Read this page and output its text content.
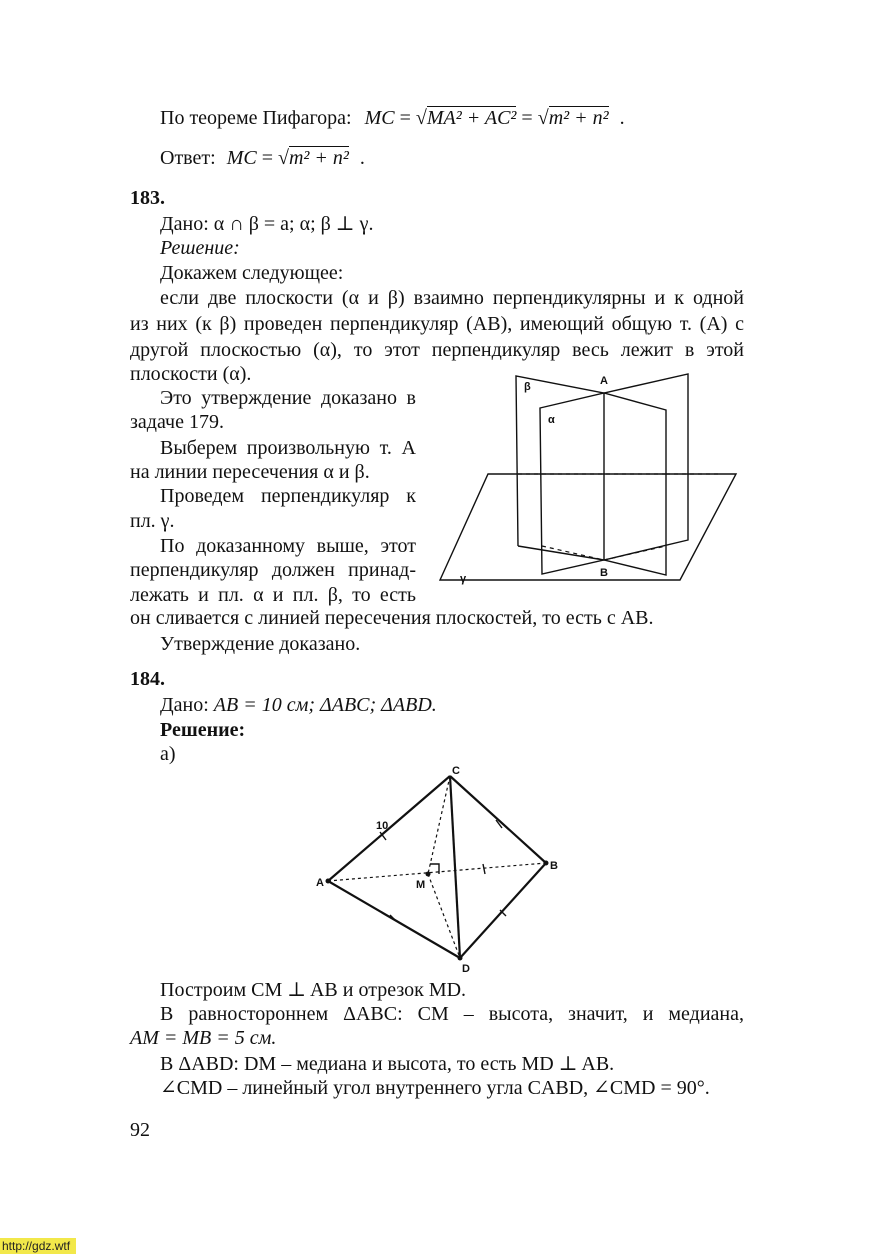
По теореме Пифагора: MC = √MA² + AC² = √m² + n² .
Ответ: MC = √m² + n² .
183.
Дано: α ∩ β = a; α; β ⊥ γ.
Решение:
Докажем следующее:
если две плоскости (α и β) взаимно перпендикулярны и к одной
из них (к β) проведен перпендикуляр (AB), имеющий общую т. (A) с
другой плоскостью (α), то этот перпендикуляр весь лежит в этой
плоскости (α).
Это утверждение доказано в
задаче 179.
Выберем произвольную т. A
на линии пересечения α и β.
Проведем перпендикуляр к
пл. γ.
По доказанному выше, этот
перпендикуляр должен принад-
лежать и пл. α и пл. β, то есть
он сливается с линией пересечения плоскостей, то есть с AB.
Утверждение доказано.
A
B
β
α
γ
184.
Дано: AB = 10 см; ΔABC; ΔABD.
Решение:
а)
A
B
C
D
M
10
Построим CM ⊥ AB и отрезок MD.
В равностороннем ΔABC: CM – высота, значит, и медиана,
AM = MB = 5 см.
В ΔABD: DM – медиана и высота, то есть MD ⊥ AB.
∠CMD – линейный угол внутреннего угла CABD, ∠CMD = 90°.
92
http://gdz.wtf
